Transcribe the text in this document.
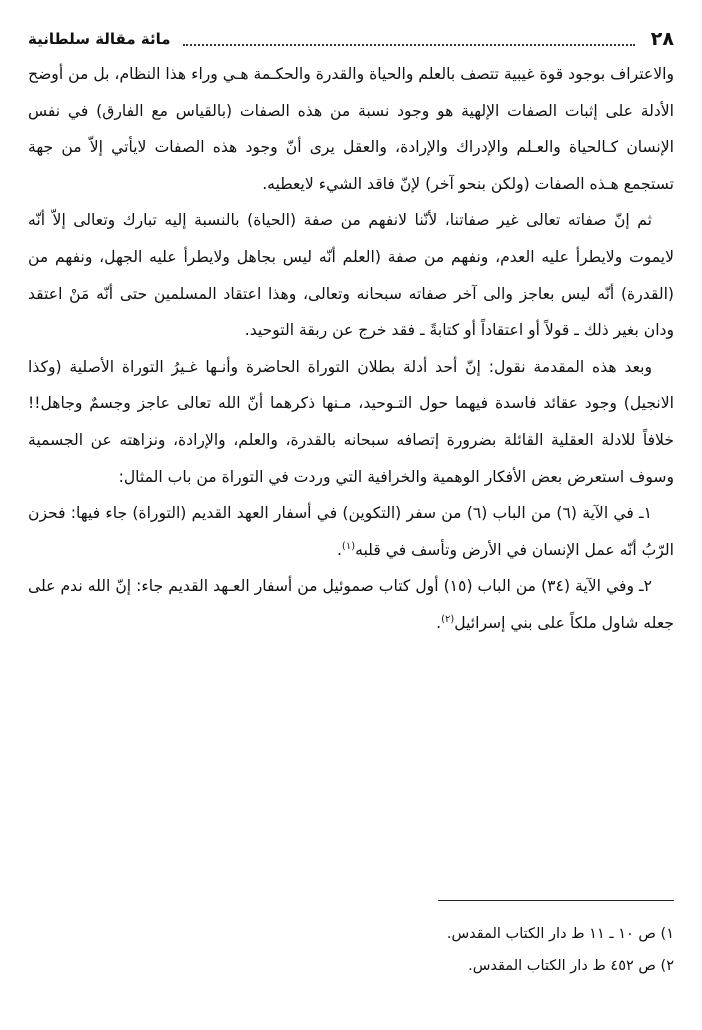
٢٨
مائة مقالة سلطانية

والاعتراف بوجود قوة غيبية تتصف بالعلم والحياة والقدرة والحكـمة هـي وراء هذا النظام، بل من أوضح الأدلة على إثبات الصفات الإلهية هو وجود نسبة من هذه الصفات (بالقياس مع الفارق) في نفس الإنسان كـالحياة والعـلم والإدراك والإرادة، والعقل يرى أنّ وجود هذه الصفات لايأتي إلاّ من جهة تستجمع هـذه الصفات (ولكن بنحو آخر) لإنّ فاقد الشيء لايعطيه.

ثم إنّ صفاته تعالى غير صفاتنا، لأنّنا لانفهم من صفة (الحياة) بالنسبة إليه تبارك وتعالى إلاّ أنّه لايموت ولايطرأ عليه العدم، ونفهم من صفة (العلم أنّه ليس بجاهل ولايطرأ عليه الجهل، ونفهم من (القدرة) أنّه ليس بعاجز والى آخر صفاته سبحانه وتعالى، وهذا اعتقاد المسلمين حتى أنّه مَنْ اعتقد ودان بغير ذلك ـ قولاً أو اعتقاداً أو كتابةً ـ فقد خرج عن ربقة التوحيد.

وبعد هذه المقدمة نقول: إنّ أحد أدلة بطلان التوراة الحاضرة وأنـها غـيرُ التوراة الأصلية (وكذا الانجيل) وجود عقائد فاسدة فيهما حول التـوحيد، مـنها ذكرهما أنّ الله تعالى عاجز وجسمٌ وجاهل!! خلافاً للادلة العقلية القائلة بضرورة إتصافه سبحانه بالقدرة، والعلم، والإرادة، ونزاهته عن الجسمية وسوف استعرض بعض الأفكار الوهمية والخرافية التي وردت في التوراة من باب المثال:

١ـ في الآية (٦) من الباب (٦) من سفر (التكوين) في أسفار العهد القديم (التوراة) جاء فيها: فحزن الرّبُ أنّه عمل الإنسان في الأرض وتأسف في قلبه$^{(١)}$.

٢ـ وفي الآية (٣٤) من الباب (١٥) أول كتاب صموئيل من أسفار العـهد القديم جاء: إنّ الله ندم على جعله شاول ملكاً على بني إسرائيل$^{(٢)}$.

١) ص ١٠ ـ ١١ ط دار الكتاب المقدس.

٢) ص ٤٥٢ ط دار الكتاب المقدس.
